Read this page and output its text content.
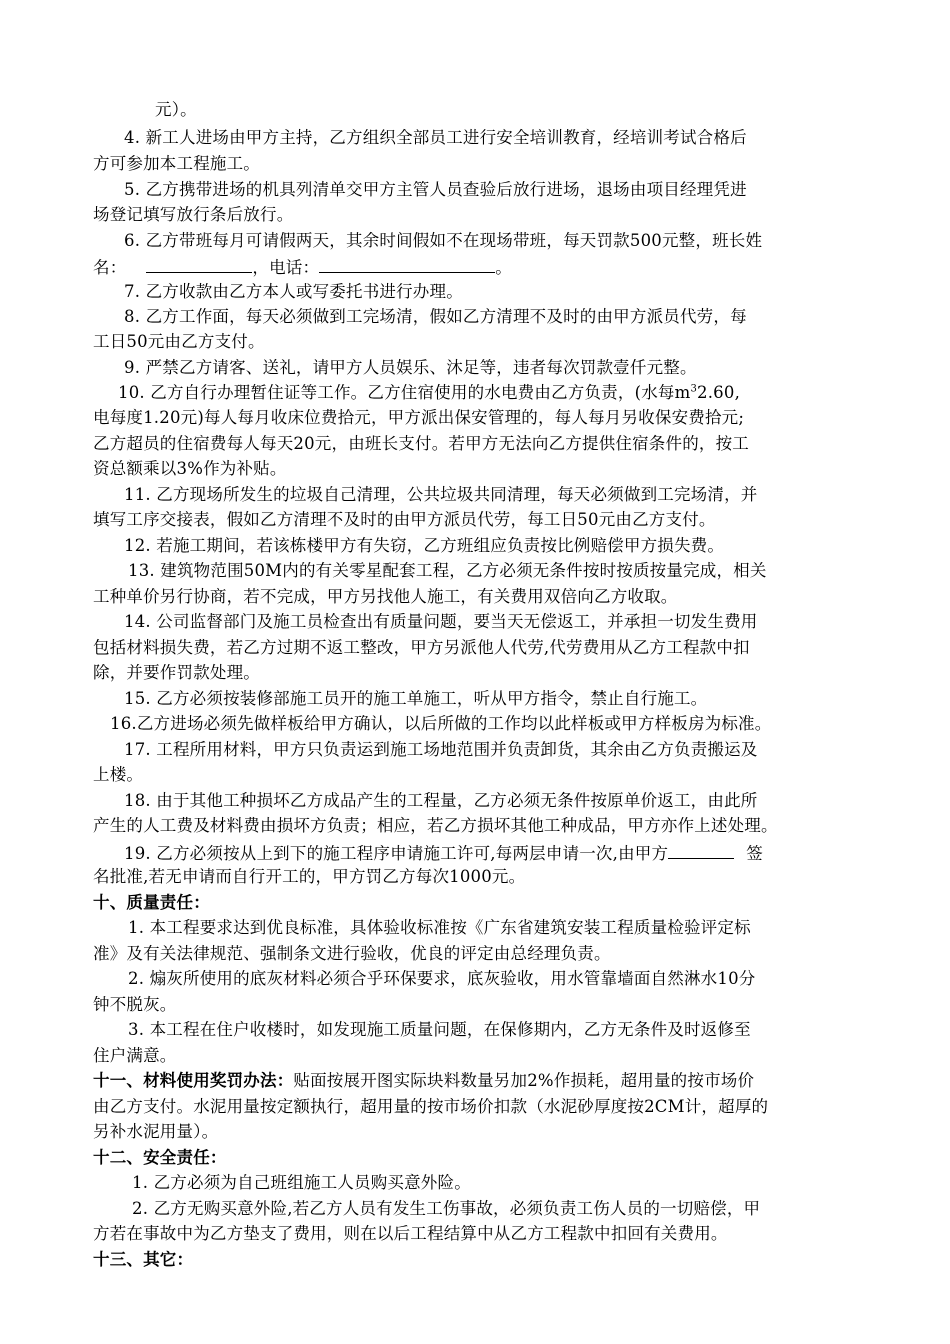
元）。
4. 新工人进场由甲方主持，乙方组织全部员工进行安全培训教育，经培训考试合格后
方可参加本工程施工。
5. 乙方携带进场的机具列清单交甲方主管人员查验后放行进场，退场由项目经理凭进
场登记填写放行条后放行。
6. 乙方带班每月可请假两天，其余时间假如不在现场带班，每天罚款500元整，班长姓
名：	，电话：	。
7. 乙方收款由乙方本人或写委托书进行办理。
8. 乙方工作面，每天必须做到工完场清，假如乙方清理不及时的由甲方派员代劳，每
工日50元由乙方支付。
9. 严禁乙方请客、送礼，请甲方人员娱乐、沐足等，违者每次罚款壹仟元整。
10. 乙方自行办理暂住证等工作。乙方住宿使用的水电费由乙方负责，(水每$m^32.60$,
电每度1.20元)每人每月收床位费拾元，甲方派出保安管理的，每人每月另收保安费拾元;
乙方超员的住宿费每人每天20元，由班长支付。若甲方无法向乙方提供住宿条件的，按工
资总额乘以3%作为补贴。
11. 乙方现场所发生的垃圾自己清理，公共垃圾共同清理，每天必须做到工完场清，并
填写工序交接表，假如乙方清理不及时的由甲方派员代劳，每工日50元由乙方支付。
12. 若施工期间，若该栋楼甲方有失窃，乙方班组应负责按比例赔偿甲方损失费。
13. 建筑物范围50M内的有关零星配套工程，乙方必须无条件按时按质按量完成，相关
工种单价另行协商，若不完成，甲方另找他人施工，有关费用双倍向乙方收取。
14. 公司监督部门及施工员检查出有质量问题，要当天无偿返工，并承担一切发生费用
包括材料损失费，若乙方过期不返工整改，甲方另派他人代劳,代劳费用从乙方工程款中扣
除，并要作罚款处理。
15. 乙方必须按装修部施工员开的施工单施工，听从甲方指令，禁止自行施工。
16.乙方进场必须先做样板给甲方确认，以后所做的工作均以此样板或甲方样板房为标准。
17. 工程所用材料，甲方只负责运到施工场地范围并负责卸货，其余由乙方负责搬运及
上楼。
18. 由于其他工种损坏乙方成品产生的工程量，乙方必须无条件按原单价返工，由此所
产生的人工费及材料费由损坏方负责；相应，若乙方损坏其他工种成品，甲方亦作上述处理。
19. 乙方必须按从上到下的施工程序申请施工许可,每两层申请一次,由甲方	签
名批准,若无申请而自行开工的，甲方罚乙方每次1000元。
十、质量责任：
1. 本工程要求达到优良标准，具体验收标准按《广东省建筑安装工程质量检验评定标
准》及有关法律规范、强制条文进行验收，优良的评定由总经理负责。
2. 煽灰所使用的底灰材料必须合乎环保要求，底灰验收，用水管靠墙面自然淋水10分
钟不脱灰。
3. 本工程在住户收楼时，如发现施工质量问题，在保修期内，乙方无条件及时返修至
住户满意。
十一、材料使用奖罚办法：贴面按展开图实际块料数量另加2%作损耗，超用量的按市场价
由乙方支付。水泥用量按定额执行，超用量的按市场价扣款（水泥砂厚度按2CM计，超厚的
另补水泥用量）。
十二、安全责任：
1. 乙方必须为自己班组施工人员购买意外险。
2. 乙方无购买意外险,若乙方人员有发生工伤事故，必须负责工伤人员的一切赔偿，甲
方若在事故中为乙方垫支了费用，则在以后工程结算中从乙方工程款中扣回有关费用。
十三、其它：
